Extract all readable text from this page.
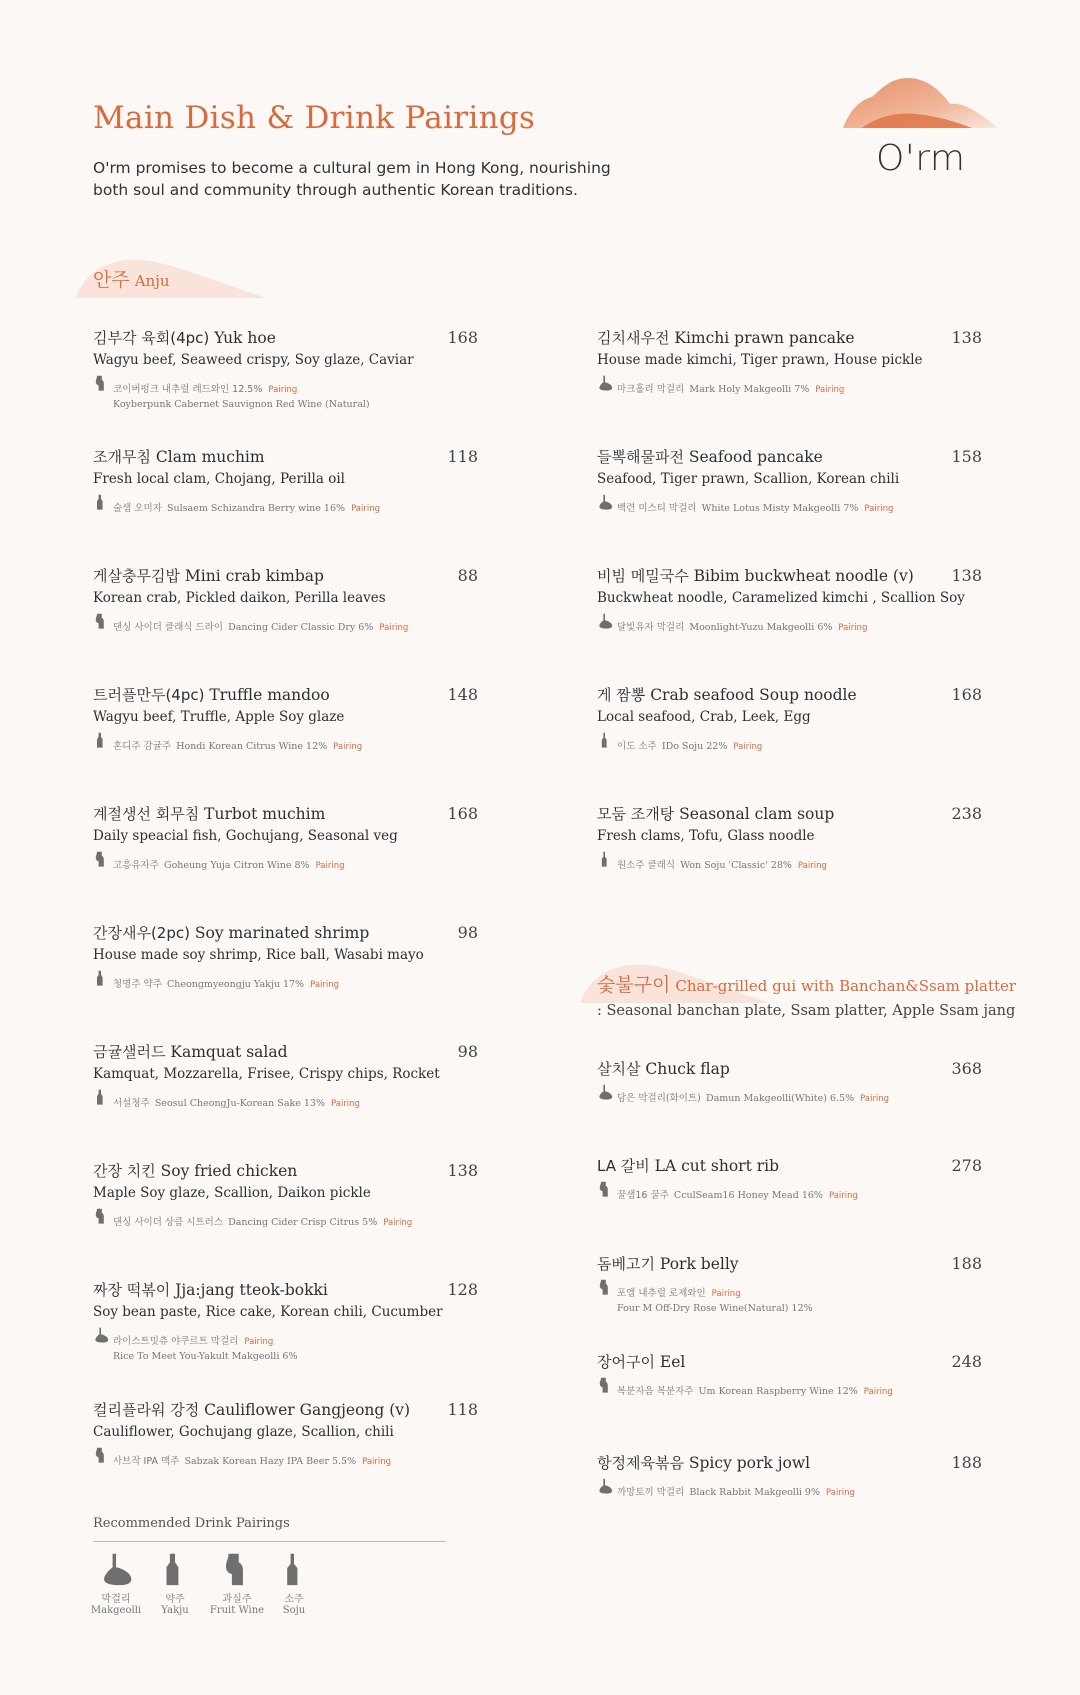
Main Dish & Drink Pairings

O'rm promises to become a cultural gem in Hong Kong, nourishing both soul and community through authentic Korean traditions.

O'rm
안주 Anju
숯불구이 Char-grilled gui with Banchan&Ssam platter

: Seasonal banchan plate, Ssam platter, Apple Ssam jang

김부각 육회(4pc) Yuk hoe	168
Wagyu beef, Seaweed crispy, Soy glaze, Caviar
코이버펑크 내추럴 레드와인 12.5% Pairing
Koyberpunk Cabernet Sauvignon Red Wine (Natural)
조개무침 Clam muchim	118
Fresh local clam, Chojang, Perilla oil
술샘 오미자 Sulsaem Schizandra Berry wine 16% Pairing
게살충무김밥 Mini crab kimbap	88
Korean crab, Pickled daikon, Perilla leaves
댄싱 사이더 클래식 드라이 Dancing Cider Classic Dry 6% Pairing
트러플만두(4pc) Truffle mandoo	148
Wagyu beef, Truffle, Apple Soy glaze
혼디주 감귤주 Hondi Korean Citrus Wine 12% Pairing
계절생선 회무침 Turbot muchim	168
Daily speacial fish, Gochujang, Seasonal veg
고흥유자주 Goheung Yuja Citron Wine 8% Pairing
간장새우(2pc) Soy marinated shrimp	98
House made soy shrimp, Rice ball, Wasabi mayo
청명주 약주 Cheongmyeongju Yakju 17% Pairing
금귤샐러드 Kamquat salad	98
Kamquat, Mozzarella, Frisee, Crispy chips, Rocket
서설청주 Seosul CheongJu-Korean Sake 13% Pairing
간장 치킨 Soy fried chicken	138
Maple Soy glaze, Scallion, Daikon pickle
댄싱 사이더 상큼 시트러스 Dancing Cider Crisp Citrus 5% Pairing
짜장 떡볶이 Jja:jang tteok-bokki	128
Soy bean paste, Rice cake, Korean chili, Cucumber
라이스트밋츄 야쿠르트 막걸리 Pairing
Rice To Meet You-Yakult Makgeolli 6%
컬리플라워 강정 Cauliflower Gangjeong (v)	118
Cauliflower, Gochujang glaze, Scallion, chili
사브작 IPA 맥주 Sabzak Korean Hazy IPA Beer 5.5% Pairing
김치새우전 Kimchi prawn pancake	138
House made kimchi, Tiger prawn, House pickle
마크홀리 막걸리 Mark Holy Makgeolli 7% Pairing
들뽁해물파전 Seafood pancake	158
Seafood, Tiger prawn, Scallion, Korean chili
백련 미스티 막걸리 White Lotus Misty Makgeolli 7% Pairing
비빔 메밀국수 Bibim buckwheat noodle (v)	138
Buckwheat noodle, Caramelized kimchi , Scallion Soy
달빛유자 막걸리 Moonlight-Yuzu Makgeolli 6% Pairing
게 짬뽕 Crab seafood Soup noodle	168
Local seafood, Crab, Leek, Egg
이도 소주 IDo Soju 22% Pairing
모둠 조개탕 Seasonal clam soup	238
Fresh clams, Tofu, Glass noodle
원소주 클래식 Won Soju 'Classic' 28% Pairing
살치살 Chuck flap	368
담은 막걸리(화이트) Damun Makgeolli(White) 6.5% Pairing
LA 갈비 LA cut short rib	278
꿀샘16 꿀주 CculSeam16 Honey Mead 16% Pairing
돔베고기 Pork belly	188
포엠 내추럴 로제와인 Pairing
Four M Off-Dry Rose Wine(Natural) 12%
장어구이 Eel	248
복분자음 복분자주 Um Korean Raspberry Wine 12% Pairing
항정제육볶음 Spicy pork jowl	188
까망토끼 막걸리 Black Rabbit Makgeolli 9% Pairing

Recommended Drink Pairings

막걸리
Makgeolli
약주
Yakju
과실주
Fruit Wine
소주
Soju
